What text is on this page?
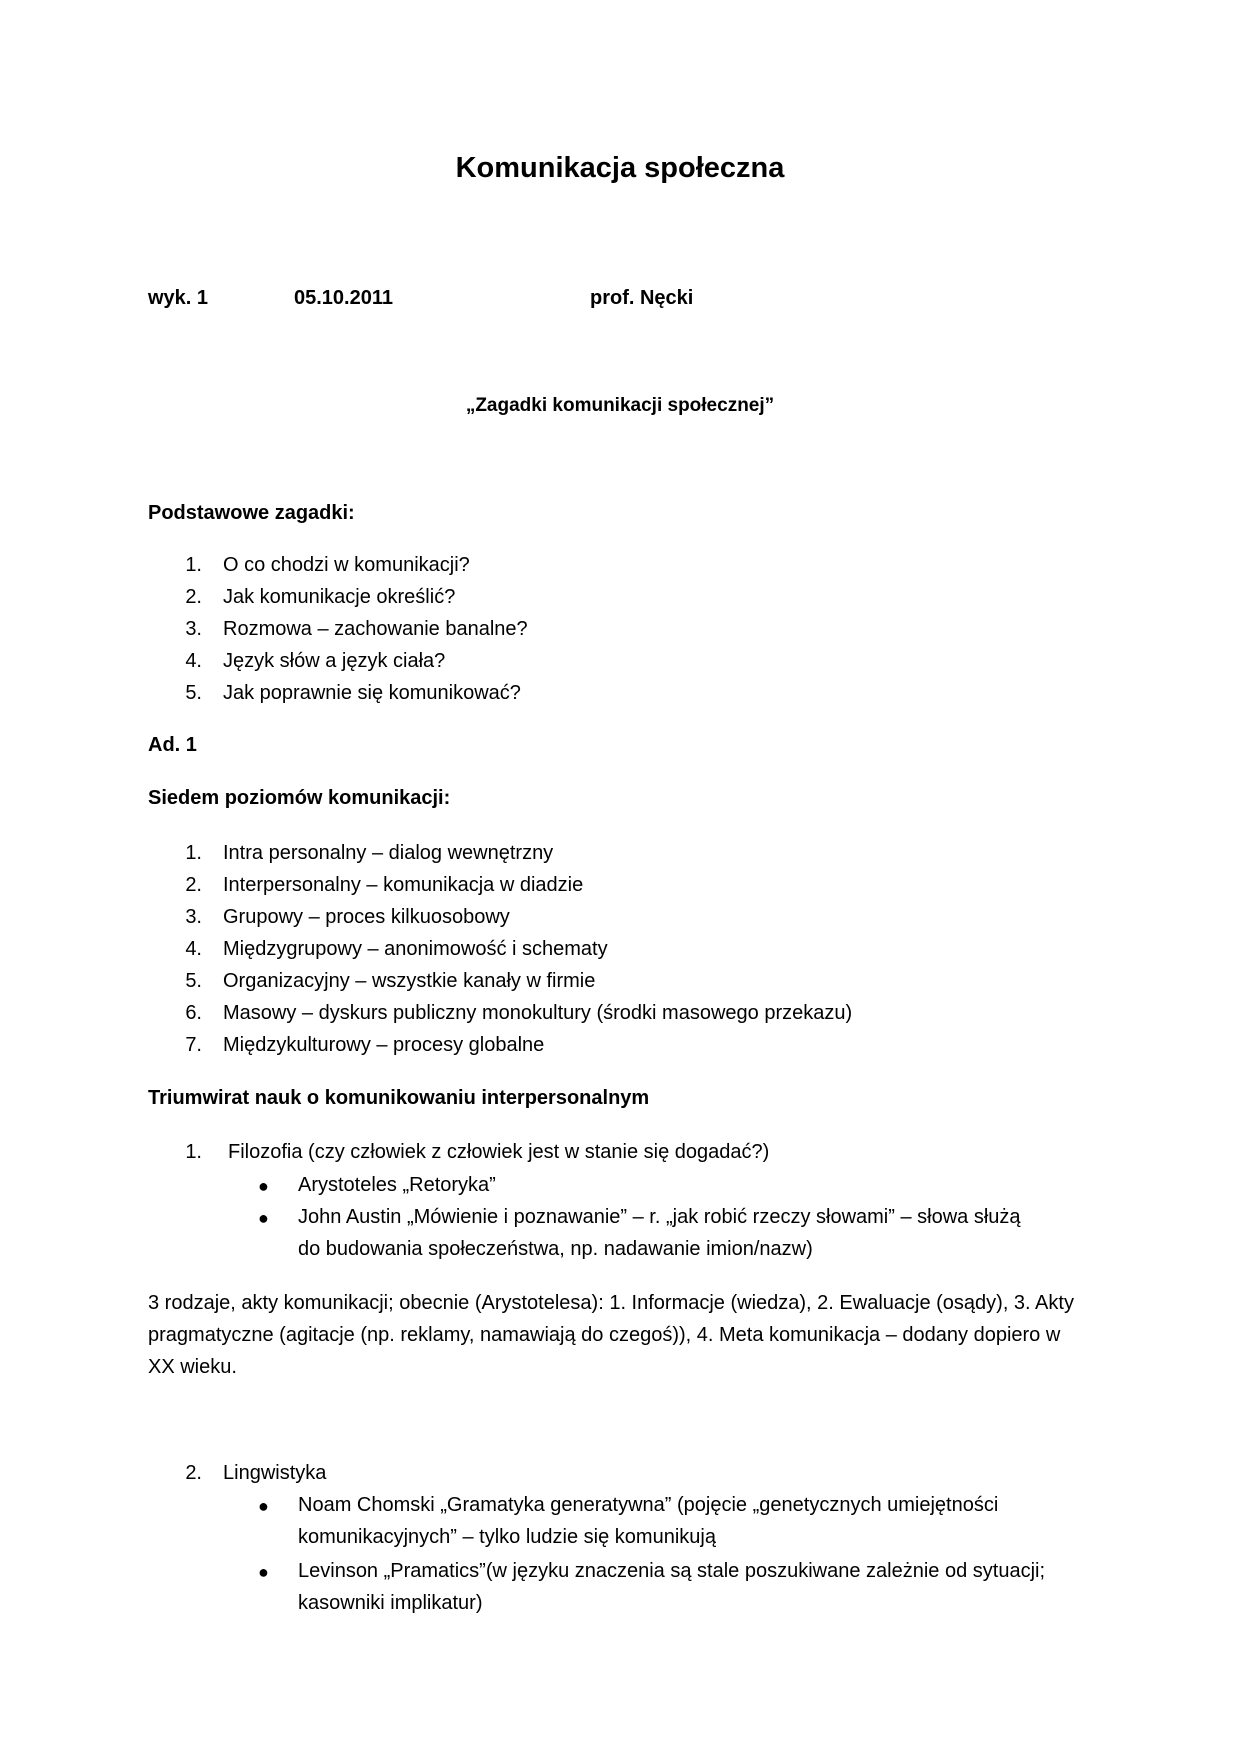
Komunikacja społeczna
wyk. 1	05.10.2011	prof. Nęcki
„Zagadki komunikacji społecznej”
Podstawowe zagadki:
1. O co chodzi w komunikacji?
2. Jak komunikacje określić?
3. Rozmowa – zachowanie banalne?
4. Język słów a język ciała?
5. Jak poprawnie się komunikować?
Ad. 1
Siedem poziomów komunikacji:
1. Intra personalny – dialog wewnętrzny
2. Interpersonalny – komunikacja w diadzie
3. Grupowy – proces kilkuosobowy
4. Międzygrupowy – anonimowość i schematy
5. Organizacyjny – wszystkie kanały w firmie
6. Masowy – dyskurs publiczny monokultury (środki masowego przekazu)
7. Międzykulturowy – procesy globalne
Triumwirat nauk o komunikowaniu interpersonalnym
1. Filozofia (czy człowiek z człowiek jest w stanie się dogadać?)
● Arystoteles „Retoryka”
● John Austin „Mówienie i poznawanie” – r. „jak robić rzeczy słowami” – słowa służą
do budowania społeczeństwa, np. nadawanie imion/nazw)
3 rodzaje, akty komunikacji; obecnie (Arystotelesa): 1. Informacje (wiedza), 2. Ewaluacje (osądy), 3. Akty pragmatyczne (agitacje (np. reklamy, namawiają do czegoś)), 4. Meta komunikacja – dodany dopiero w XX wieku.
2. Lingwistyka
● Noam Chomski „Gramatyka generatywna” (pojęcie „genetycznych umiejętności
komunikacyjnych” – tylko ludzie się komunikują
● Levinson „Pramatics”(w języku znaczenia są stale poszukiwane zależnie od sytuacji;
kasowniki implikatur)
